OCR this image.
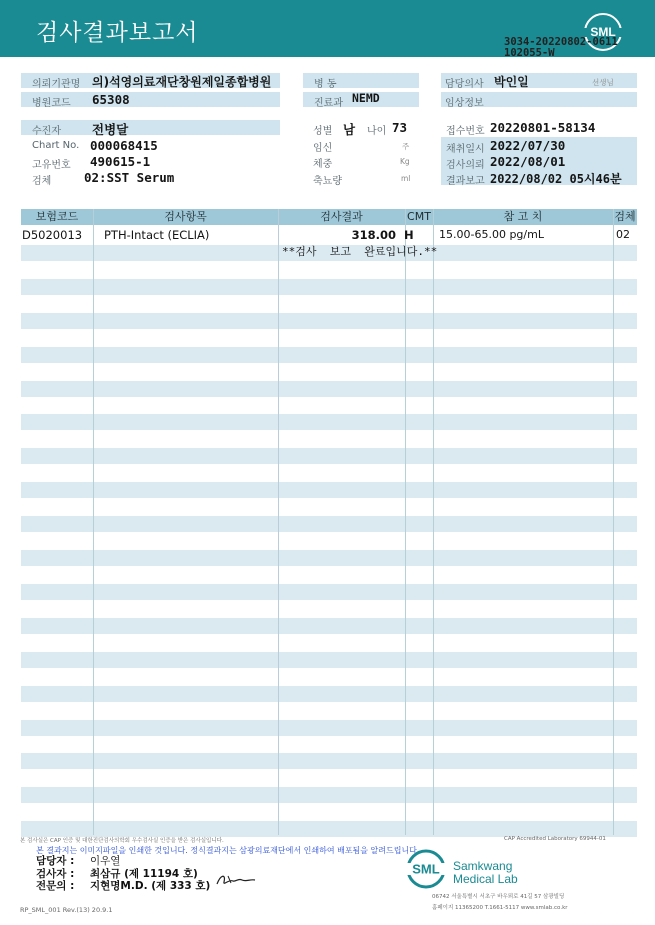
검사결과보고서	SML
3034-20220802-0611
102055-W
의뢰기관명 의)석영의료재단창원제일종합병원
병원코드 65308
수진자 전병달
Chart No. 000068415
고유번호 490615-1
검체	02:SST Serum
병 동
진료과 NEMD
성별 남 나이 73
임신	주
체중	Kg
축뇨량	ml
담당의사 박인일	선생님
임상정보
접수번호 20220801-58134
채취일시 2022/07/30
검사의뢰 2022/08/01
결과보고 2022/08/02 05시46분
보험코드	검사항목	검사결과	CMT	참 고 치	검체
D5020013 PTH-Intact (ECLIA)	318.00 H 15.00-65.00 pg/mL	02
**검사  보고  완료입니다.**
본 검사실은 CAP 인증 및 대한진단검사의학회 우수검사실 인증을 받은 검사실입니다.	CAP Accredited Laboratory 69944-01
본 결과지는 이미지파일을 인쇄한 것입니다. 정식결과지는 삼광의료재단에서 인쇄하여 배포됨을 알려드립니다.
담당자 : 이우열
검사자 : 최삼규 (제 11194 호)
전문의 : 지현명M.D. (제 333 호)
SML Samkwang
Medical Lab
06742 서울특별시 서초구 바우뫼로 41길 57 삼광빌딩
홈페이지 11365200 T.1661-5117 www.smlab.co.kr
RP_SML_001 Rev.(13) 20.9.1
